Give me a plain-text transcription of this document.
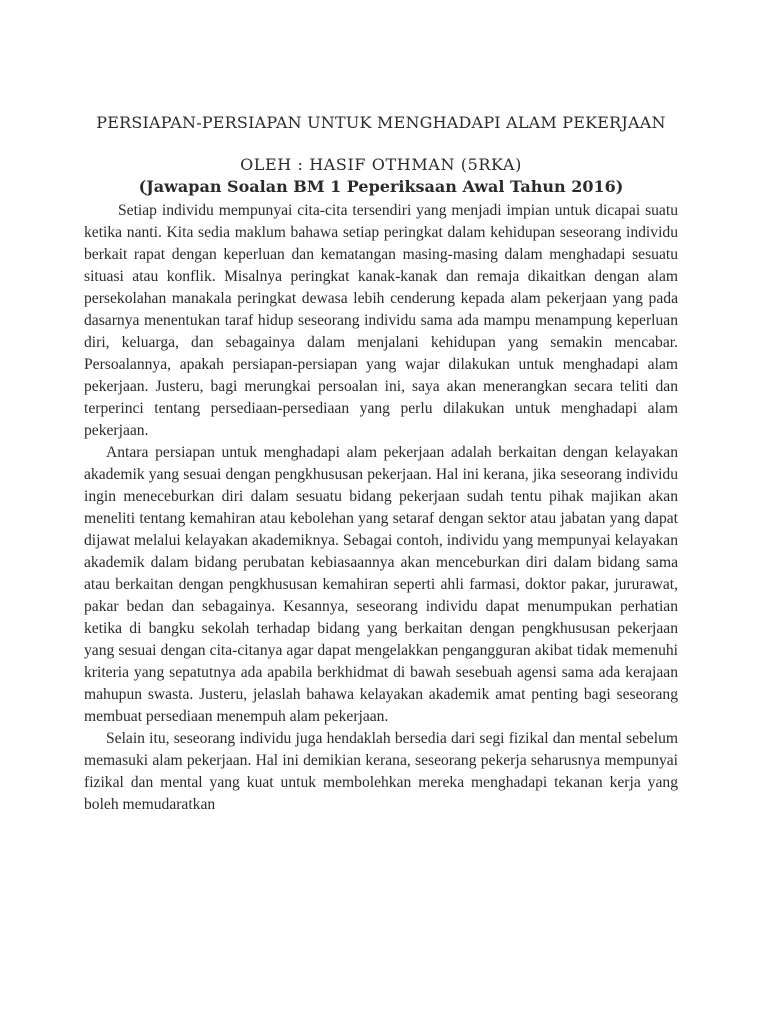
PERSIAPAN-PERSIAPAN UNTUK MENGHADAPI ALAM PEKERJAAN
OLEH : HASIF OTHMAN (5RKA)
(Jawapan Soalan BM 1 Peperiksaan Awal Tahun 2016)

Setiap individu mempunyai cita-cita tersendiri yang menjadi impian untuk dicapai suatu ketika nanti. Kita sedia maklum bahawa setiap peringkat dalam kehidupan seseorang individu berkait rapat dengan keperluan dan kematangan masing-masing dalam menghadapi sesuatu situasi atau konflik. Misalnya peringkat kanak-kanak dan remaja dikaitkan dengan alam persekolahan manakala peringkat dewasa lebih cenderung kepada alam pekerjaan yang pada dasarnya menentukan taraf hidup seseorang individu sama ada mampu menampung keperluan diri, keluarga, dan sebagainya dalam menjalani kehidupan yang semakin mencabar. Persoalannya, apakah persiapan-persiapan yang wajar dilakukan untuk menghadapi alam pekerjaan. Justeru, bagi merungkai persoalan ini, saya akan menerangkan secara teliti dan terperinci tentang persediaan-persediaan yang perlu dilakukan untuk menghadapi alam pekerjaan.

Antara persiapan untuk menghadapi alam pekerjaan adalah berkaitan dengan kelayakan akademik yang sesuai dengan pengkhususan pekerjaan. Hal ini kerana, jika seseorang individu ingin meneceburkan diri dalam sesuatu bidang pekerjaan sudah tentu pihak majikan akan meneliti tentang kemahiran atau kebolehan yang setaraf dengan sektor atau jabatan yang dapat dijawat melalui kelayakan akademiknya. Sebagai contoh, individu yang mempunyai kelayakan akademik dalam bidang perubatan kebiasaannya akan menceburkan diri dalam bidang sama atau berkaitan dengan pengkhususan kemahiran seperti ahli farmasi, doktor pakar, jururawat, pakar bedan dan sebagainya. Kesannya, seseorang individu dapat menumpukan perhatian ketika di bangku sekolah terhadap bidang yang berkaitan dengan pengkhususan pekerjaan yang sesuai dengan cita-citanya agar dapat mengelakkan pengangguran akibat tidak memenuhi kriteria yang sepatutnya ada apabila berkhidmat di bawah sesebuah agensi sama ada kerajaan mahupun swasta. Justeru, jelaslah bahawa kelayakan akademik amat penting bagi seseorang membuat persediaan menempuh alam pekerjaan.

Selain itu, seseorang individu juga hendaklah bersedia dari segi fizikal dan mental sebelum memasuki alam pekerjaan. Hal ini demikian kerana, seseorang pekerja seharusnya mempunyai fizikal dan mental yang kuat untuk membolehkan mereka menghadapi tekanan kerja yang boleh memudaratkan
